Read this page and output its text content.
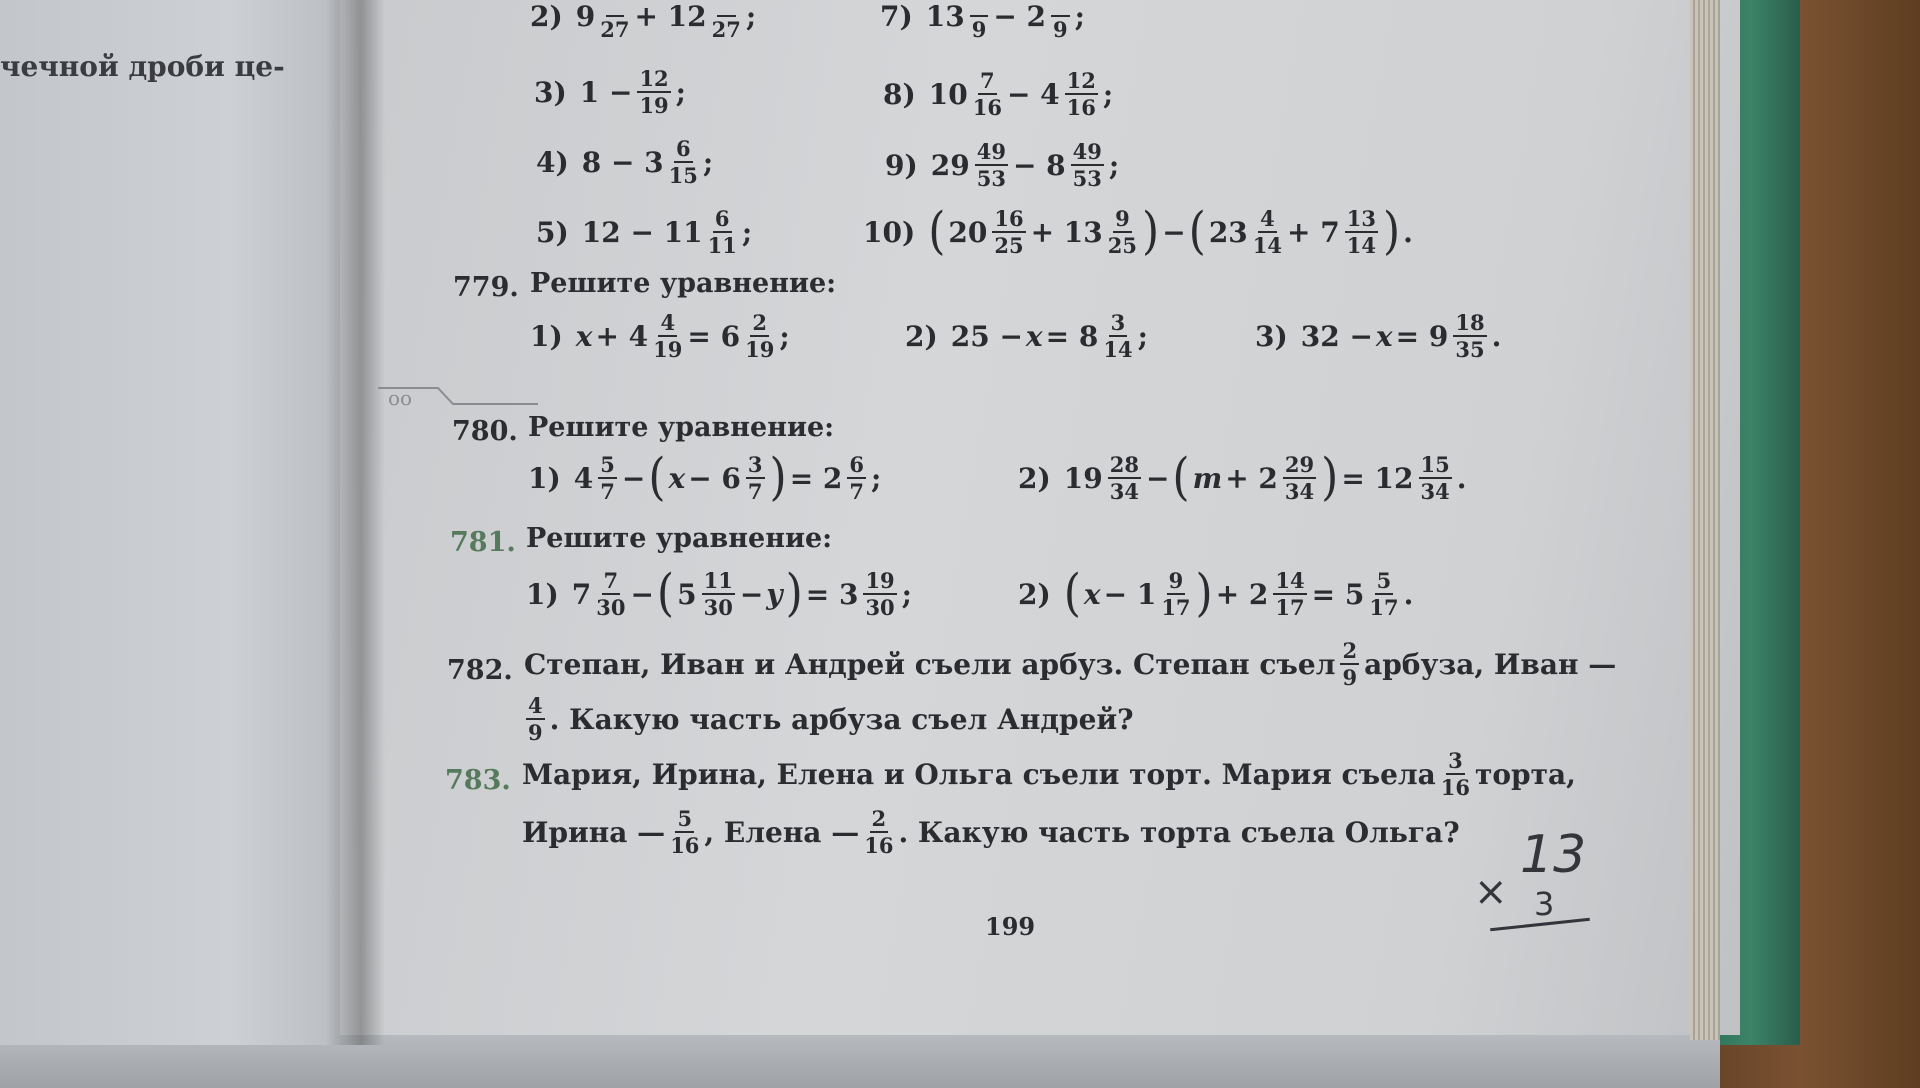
чечной дроби це-
2) 9
27 + 12
27 ;	7) 13
9 − 2
9 ;
3) $1 - \frac{12}{19}$ ;	8) $10 \frac{7}{16} - 4 \frac{12}{16}$ ;
4) $8 - 3 \frac{6}{15}$ ;	9) $29 \frac{49}{53} - 8 \frac{49}{53}$ ;
5) $12 - 11 \frac{6}{11}$ ;	10) ( $20 \frac{16}{25} + 13 \frac{9}{25}$ ) − ( $23 \frac{4}{14} + 7 \frac{13}{14}$ ) .
779. Решите уравнение:
1) $x + 4 \frac{4}{19} = 6 \frac{2}{19}$ ;	2) $25 - x = 8 \frac{3}{14}$ ;	3) $32 - x = 9 \frac{18}{35}$ .
oo
780. Решите уравнение:
1) $4 \frac{5}{7}$ − ( $x - 6 \frac{3}{7}$ ) = $2 \frac{6}{7}$ ;	2) $19 \frac{28}{34}$ − ( $m + 2 \frac{29}{34}$ ) = $12 \frac{15}{34}$ .
781. Решите уравнение:
1) $7 \frac{7}{30}$ − ( $5 \frac{11}{30} - y$ ) = $3 \frac{19}{30}$ ;	2) ( $x - 1 \frac{9}{17}$ ) + $2 \frac{14}{17} = 5 \frac{5}{17}$ .
782. Степан, Иван и Андрей съели арбуз. Степан съел $\frac{2}{9}$ арбуза, Иван —
$\frac{4}{9}$ . Какую часть арбуза съел Андрей?
783. Мария, Ирина, Елена и Ольга съели торт. Мария съела $\frac{3}{16}$ торта,
Ирина — $\frac{5}{16}$ , Елена — $\frac{2}{16}$ . Какую часть торта съела Ольга?
199
13
× 3
